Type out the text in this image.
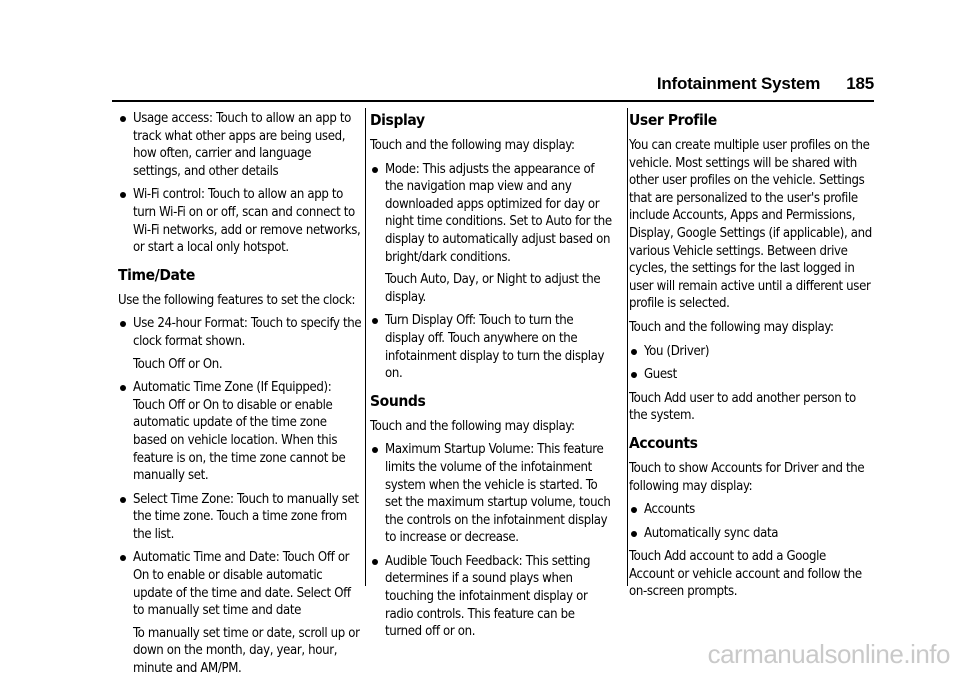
Infotainment System 185
Usage access: Touch to allow an app to track what other apps are being used, how often, carrier and language settings, and other details
Wi-Fi control: Touch to allow an app to turn Wi-Fi on or off, scan and connect to Wi-Fi networks, add or remove networks, or start a local only hotspot.
Time/Date

Use the following features to set the clock:

Use 24-hour Format: Touch to specify the clock format shown.

Touch Off or On.

Automatic Time Zone (If Equipped): Touch Off or On to disable or enable automatic update of the time zone based on vehicle location. When this feature is on, the time zone cannot be manually set.
Select Time Zone: Touch to manually set the time zone. Touch a time zone from the list.
Automatic Time and Date: Touch Off or On to enable or disable automatic update of the time and date. Select Off to manually set time and date

To manually set time or date, scroll up or down on the month, day, year, hour, minute and AM/PM.

Display

Touch and the following may display:

Mode: This adjusts the appearance of the navigation map view and any downloaded apps optimized for day or night time conditions. Set to Auto for the display to automatically adjust based on bright/dark conditions.

Touch Auto, Day, or Night to adjust the display.

Turn Display Off: Touch to turn the display off. Touch anywhere on the infotainment display to turn the display on.
Sounds

Touch and the following may display:

Maximum Startup Volume: This feature limits the volume of the infotainment system when the vehicle is started. To set the maximum startup volume, touch the controls on the infotainment display to increase or decrease.
Audible Touch Feedback: This setting determines if a sound plays when touching the infotainment display or radio controls. This feature can be turned off or on.
User Profile

You can create multiple user profiles on the vehicle. Most settings will be shared with other user profiles on the vehicle. Settings that are personalized to the user's profile include Accounts, Apps and Permissions, Display, Google Settings (if applicable), and various Vehicle settings. Between drive cycles, the settings for the last logged in user will remain active until a different user profile is selected.

Touch and the following may display:

You (Driver)
Guest

Touch Add user to add another person to the system.

Accounts

Touch to show Accounts for Driver and the following may display:

Accounts
Automatically sync data

Touch Add account to add a Google Account or vehicle account and follow the on-screen prompts.

carmanualsonline.info
